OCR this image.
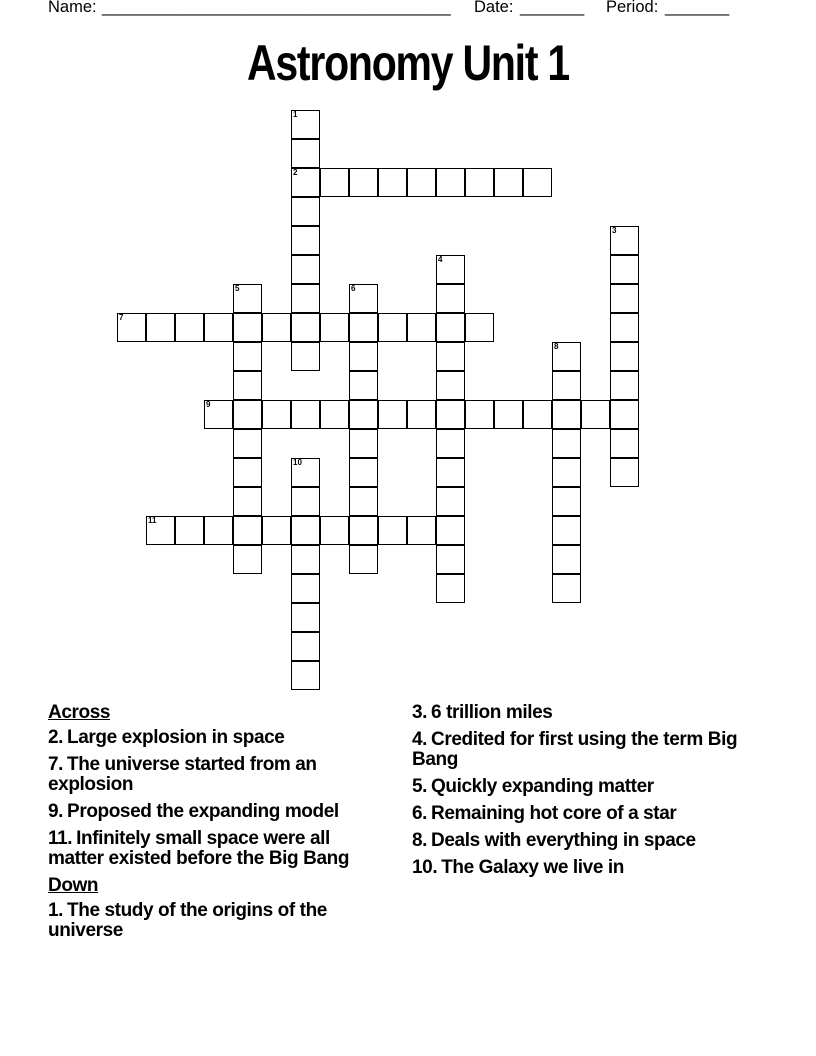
Name: ______________________________________ Date: _______ Period: _______
Astronomy Unit 1
1
2
3
4
5	6
7
8
9
10
11
Across
2. Large explosion in space
7. The universe started from an explosion
9. Proposed the expanding model
11. Infinitely small space were all matter existed before the Big Bang
Down
1. The study of the origins of the universe
3. 6 trillion miles
4. Credited for first using the term Big Bang
5. Quickly expanding matter
6. Remaining hot core of a star
8. Deals with everything in space
10. The Galaxy we live in
